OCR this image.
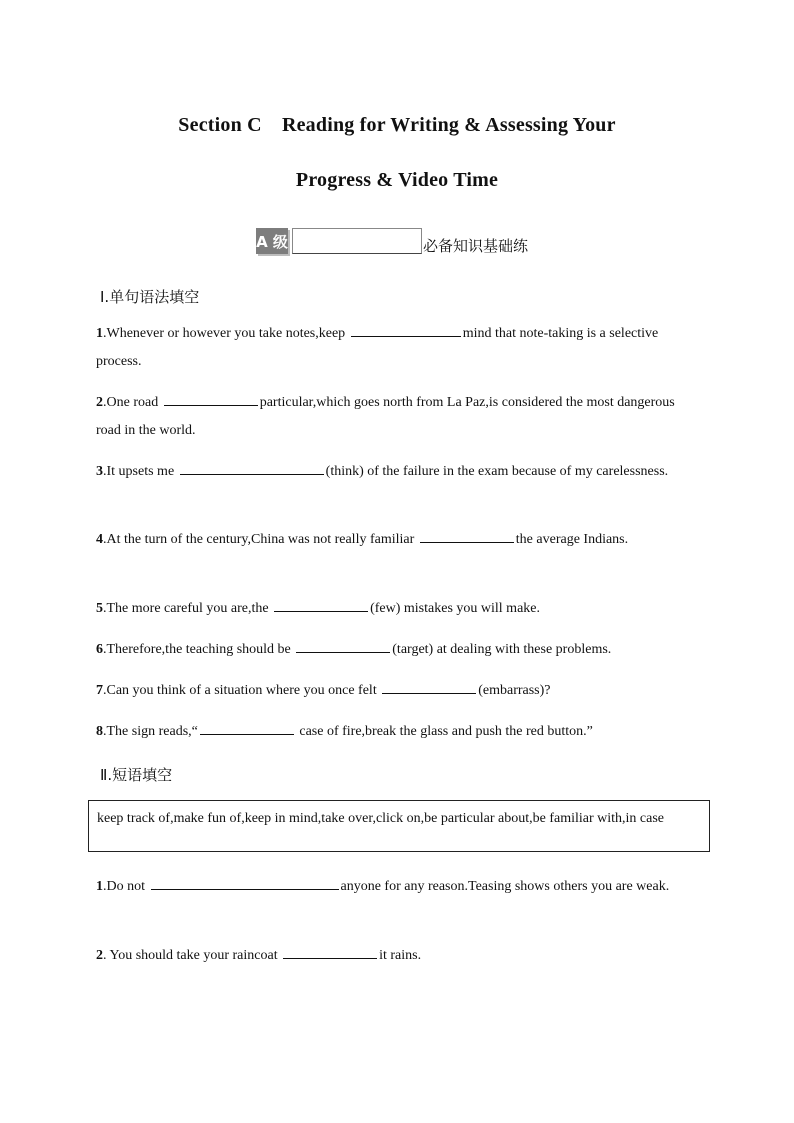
Section C　Reading for Writing & Assessing Your
Progress & Video Time
A 级	必备知识基础练
Ⅰ.单句语法填空
1.Whenever or however you take notes,keep	mind that note-taking is a selective process.
2.One road	particular,which goes north from La Paz,is considered the most dangerous road in the world.
3.It upsets me	(think) of the failure in the exam because of my carelessness.
4.At the turn of the century,China was not really familiar	the average Indians.
5.The more careful you are,the	(few) mistakes you will make.
6.Therefore,the teaching should be	(target) at dealing with these problems.
7.Can you think of a situation where you once felt	(embarrass)?
8.The sign reads,“	case of fire,break the glass and push the red button.”
Ⅱ.短语填空
keep track of,make fun of,keep in mind,take over,click on,be particular about,be familiar with,in case
1.Do not	anyone for any reason.Teasing shows others you are weak.
2. You should take your raincoat	it rains.
